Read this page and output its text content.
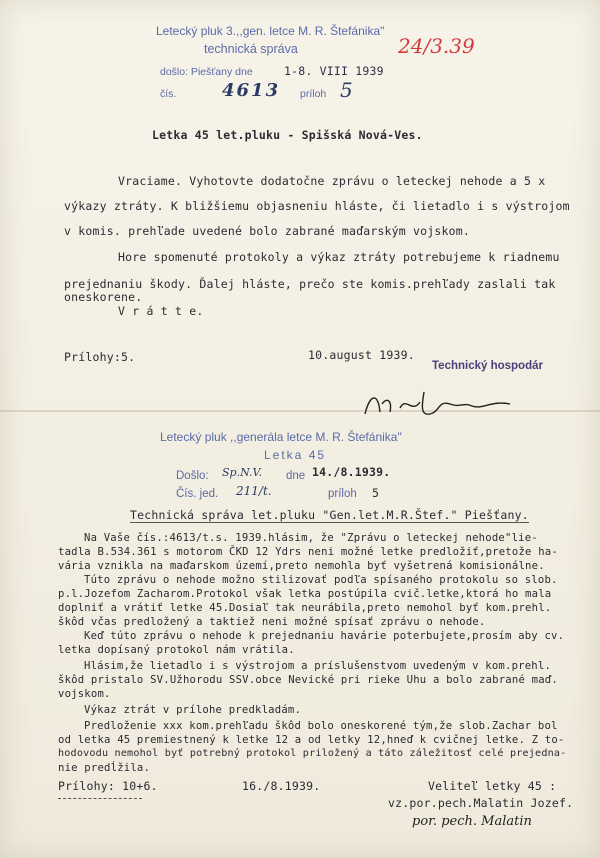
Letecký pluk 3.,,gen. letce M. R. Štefánika"
technická správa
došlo: Piešťany dne	1-8. VIII 1939
čís.	4613 príloh 5
24/3.39
Letka 45 let.pluku - Spišská Nová-Ves.
Vraciame. Vyhotovte dodatočne zprávu o leteckej nehode a 5 x
výkazy ztráty. K bližšiemu objasneniu hláste, či lietadlo i s výstrojom
v komis. prehľade uvedené bolo zabrané maďarským vojskom.
Hore spomenuté protokoly a výkaz ztráty potrebujeme k riadnemu
prejednaniu škody. Ďalej hláste, prečo ste komis.prehľady zaslali tak
oneskorene.
V r á t t e.
Prílohy:5.	10.august 1939.
Technický hospodár
Letecký pluk ,,generála letce M. R. Štefánika"
Letka 45
Došlo: Sp.N.V. dne 14./8.1939.
Čís. jed. 211/t.	príloh 5
Technická správa let.pluku "Gen.let.M.R.Štef." Piešťany.
Na Vaše čís.:4613/t.s. 1939.hlásim, že "Zprávu o leteckej nehode"lie-
tadla B.534.361 s motorom ČKD 12 Ydrs neni možné letke predložiť,pretože ha-
vária vznikla na maďarskom území,preto nemohla byť vyšetrená komisionálne.
Túto zprávu o nehode možno stilizovať podľa spísaného protokolu so slob.
p.l.Jozefom Zacharom.Protokol však letka postúpila cvič.letke,ktorá ho mala
doplniť a vrátiť letke 45.Dosiaľ tak neurábila,preto nemohol byť kom.prehl.
škôd včas predložený a taktiež neni možné spísať zprávu o nehode.
Keď túto zprávu o nehode k prejednaniu havárie poterbujete,prosím aby cv.
letka dopísaný protokol nám vrátila.
Hlásim,že lietadlo i s výstrojom a príslušenstvom uvedeným v kom.prehl.
škôd pristalo SV.Užhorodu SSV.obce Nevické pri rieke Uhu a bolo zabrané maď.
vojskom.
Výkaz ztrát v prílohe predkladám.
Predloženie xxx kom.prehľadu škôd bolo oneskorené tým,že slob.Zachar bol
od letka 45 premiestnený k letke 12 a od letky 12,hneď k cvičnej letke. Z to-
hodovodu nemohol byť potrebný protokol priložený a táto záležitosť celé prejedna-
nie predĺžila.
Prílohy: 10+6.	16./8.1939.	Veliteľ letky 45 :
vz.por.pech.Malatin Jozef.
por. pech. Malatin
